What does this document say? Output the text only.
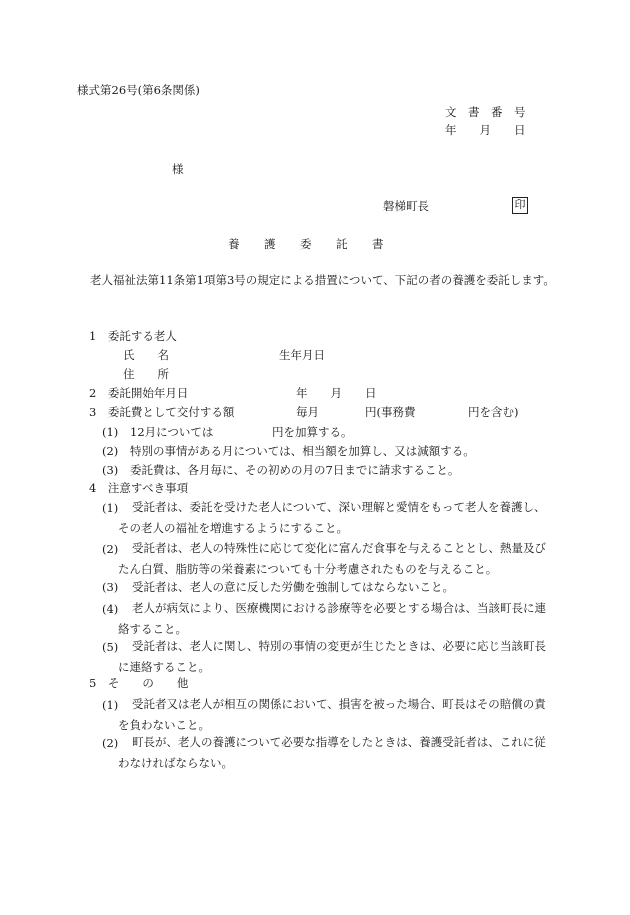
様式第26号(第6条関係)
文　書　番　号
年　　月　　日
様
磐梯町長	印
養　　護　　委　　託　　書
老人福祉法第11条第1項第3号の規定による措置について、下記の者の養護を委託します。
1　委託する老人
氏　　名	生年月日
住　　所
2　委託開始年月日	年　　月　　日
3　委託費として交付する額	毎月	円(事務費	円を含む)
(1) 12月については	円を加算する。
(2) 特別の事情がある月については、相当額を加算し、又は減額する。
(3) 委託費は、各月毎に、その初めの月の7日までに請求すること。
4　注意すべき事項
(1)	受託者は、委託を受けた老人について、深い理解と愛情をもって老人を養護し、その老人の福祉を増進するようにすること。
(2)	受託者は、老人の特殊性に応じて変化に富んだ食事を与えることとし、熱量及びたん白質、脂肪等の栄養素についても十分考慮されたものを与えること。
(3) 受託者は、老人の意に反した労働を強制してはならないこと。
(4)	老人が病気により、医療機関における診療等を必要とする場合は、当該町長に連絡すること。
(5)	受託者は、老人に関し、特別の事情の変更が生じたときは、必要に応じ当該町長に連絡すること。
5　そ　　の　　他
(1)	受託者又は老人が相互の関係において、損害を被った場合、町長はその賠償の責を負わないこと。
(2)	町長が、老人の養護について必要な指導をしたときは、養護受託者は、これに従わなければならない。
